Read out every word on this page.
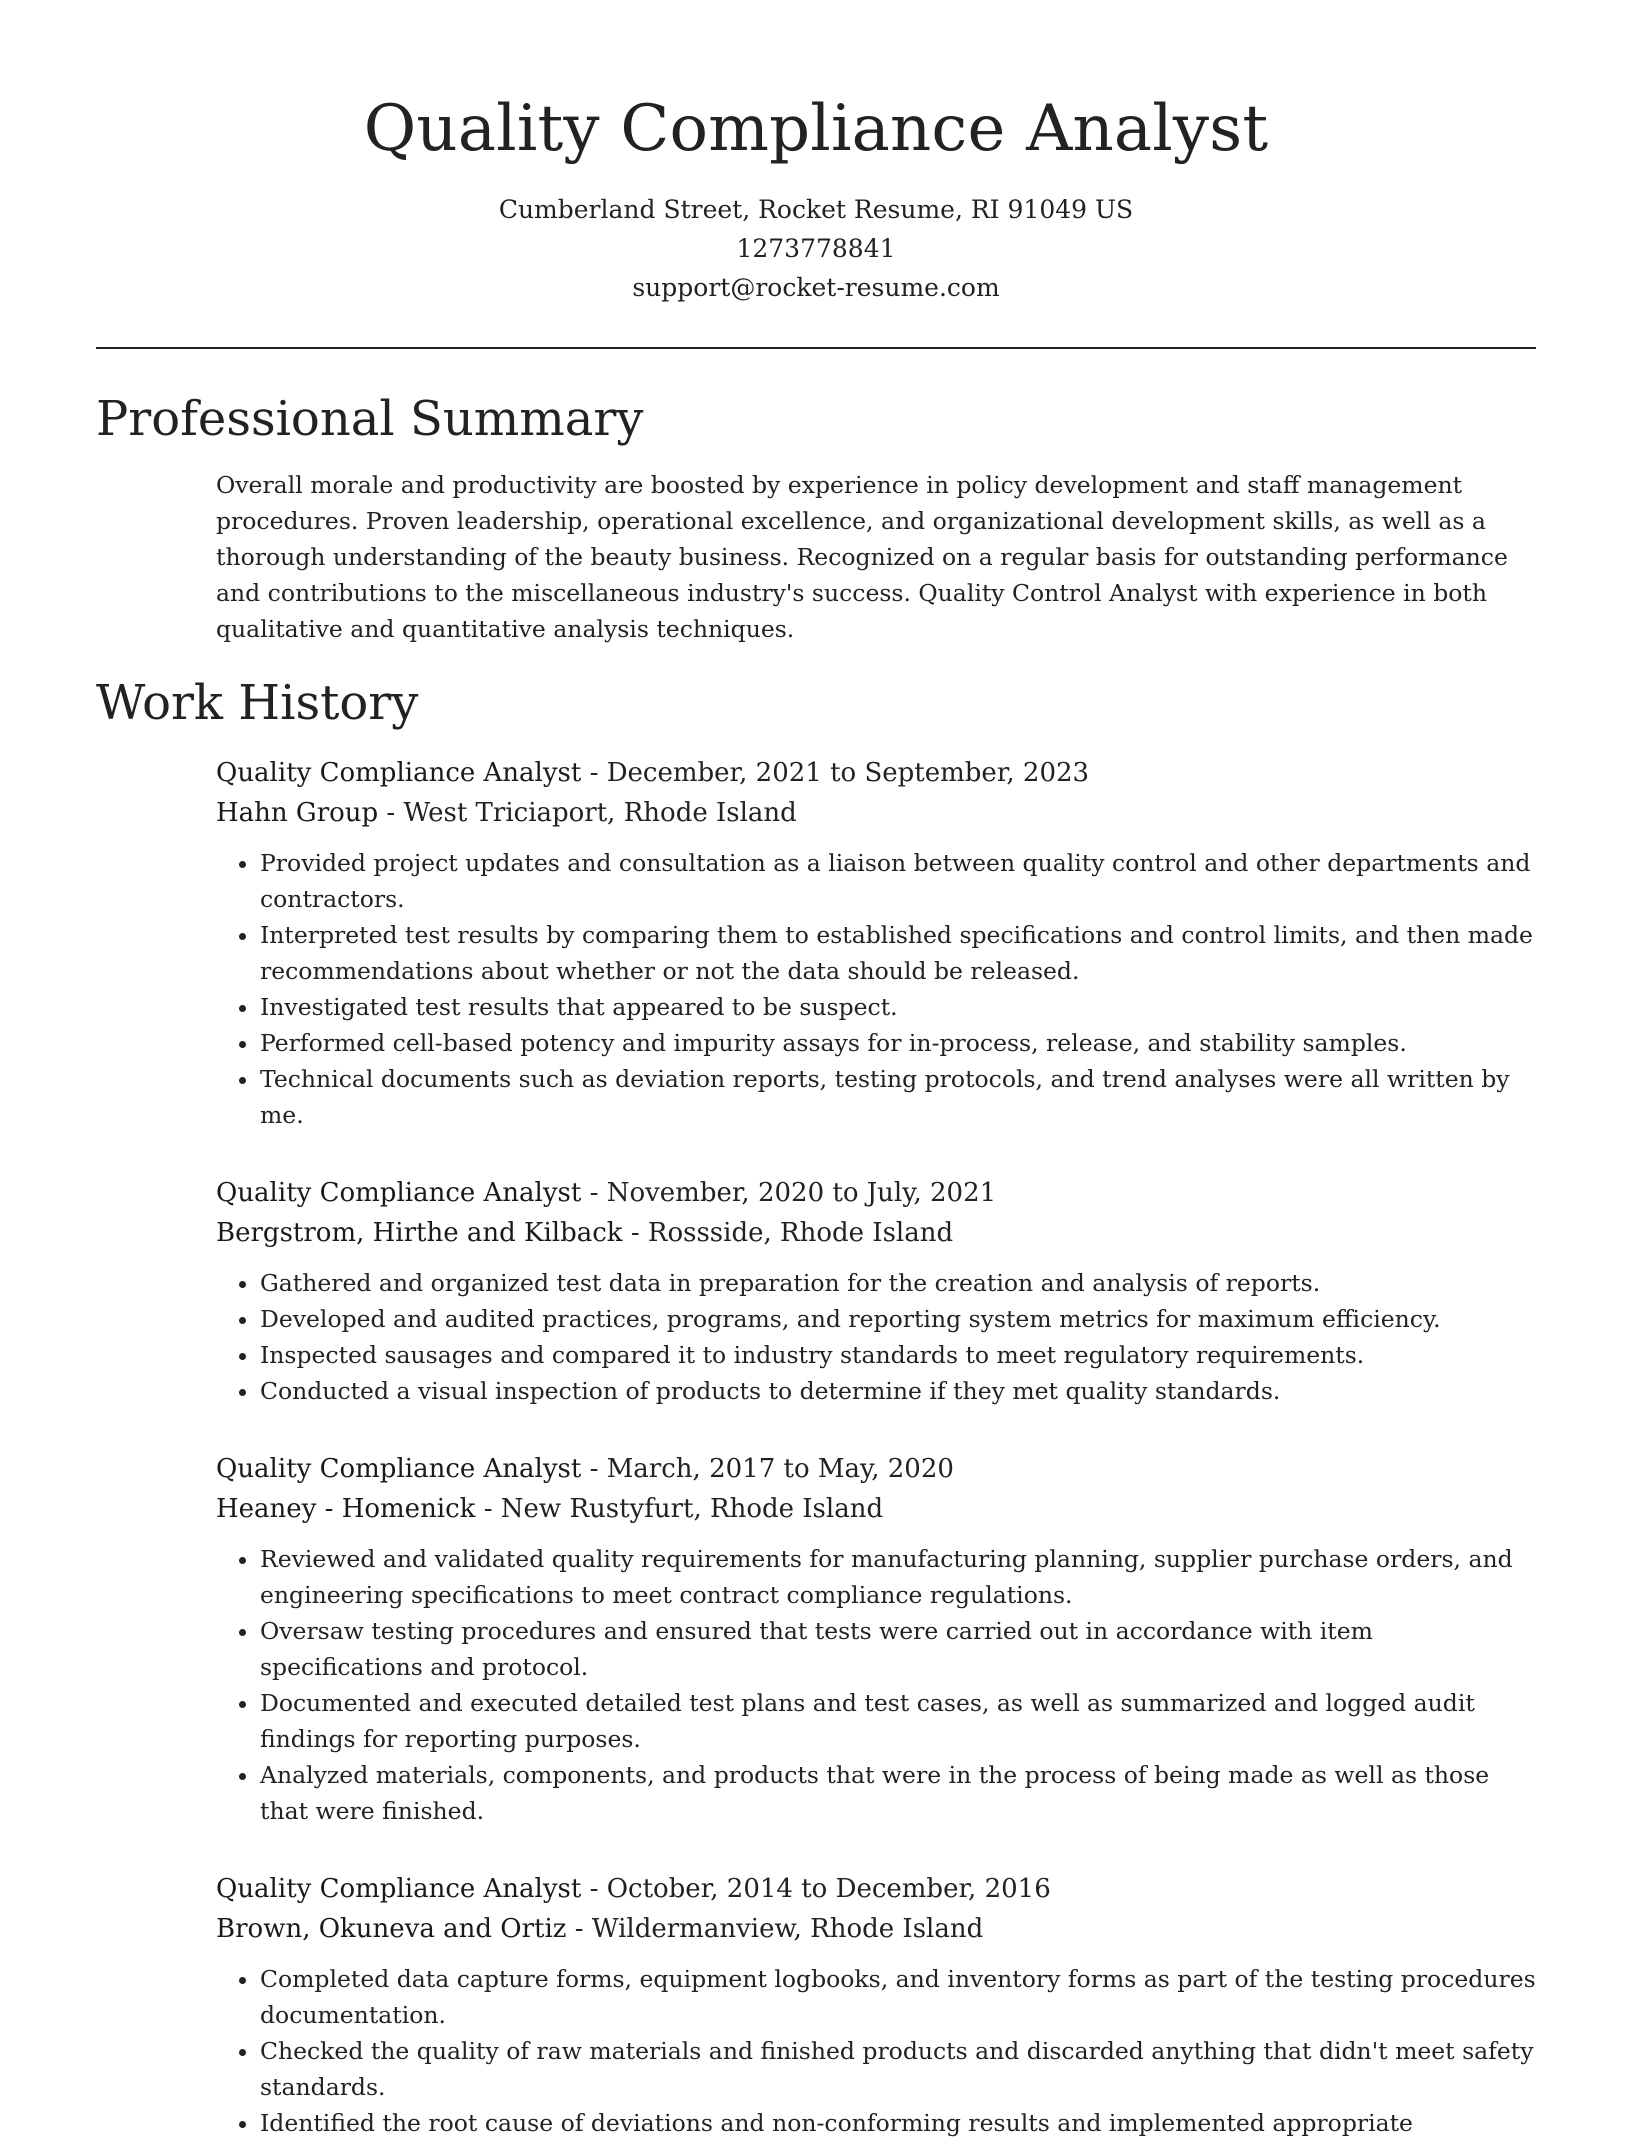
Quality Compliance Analyst
Cumberland Street, Rocket Resume, RI 91049 US
1273778841
support@rocket-resume.com
Professional Summary

Overall morale and productivity are boosted by experience in policy development and staff management procedures. Proven leadership, operational excellence, and organizational development skills, as well as a thorough understanding of the beauty business. Recognized on a regular basis for outstanding performance and contributions to the miscellaneous industry's success. Quality Control Analyst with experience in both qualitative and quantitative analysis techniques.

Work History
Quality Compliance Analyst - December, 2021 to September, 2023
Hahn Group - West Triciaport, Rhode Island
• Provided project updates and consultation as a liaison between quality control and other departments and contractors.
• Interpreted test results by comparing them to established specifications and control limits, and then made recommendations about whether or not the data should be released.
• Investigated test results that appeared to be suspect.
• Performed cell-based potency and impurity assays for in-process, release, and stability samples.
• Technical documents such as deviation reports, testing protocols, and trend analyses were all written by me.
Quality Compliance Analyst - November, 2020 to July, 2021
Bergstrom, Hirthe and Kilback - Rossside, Rhode Island
• Gathered and organized test data in preparation for the creation and analysis of reports.
• Developed and audited practices, programs, and reporting system metrics for maximum efficiency.
• Inspected sausages and compared it to industry standards to meet regulatory requirements.
• Conducted a visual inspection of products to determine if they met quality standards.
Quality Compliance Analyst - March, 2017 to May, 2020
Heaney - Homenick - New Rustyfurt, Rhode Island
• Reviewed and validated quality requirements for manufacturing planning, supplier purchase orders, and engineering specifications to meet contract compliance regulations.
• Oversaw testing procedures and ensured that tests were carried out in accordance with item specifications and protocol.
• Documented and executed detailed test plans and test cases, as well as summarized and logged audit findings for reporting purposes.
• Analyzed materials, components, and products that were in the process of being made as well as those that were finished.
Quality Compliance Analyst - October, 2014 to December, 2016
Brown, Okuneva and Ortiz - Wildermanview, Rhode Island
• Completed data capture forms, equipment logbooks, and inventory forms as part of the testing procedures documentation.
• Checked the quality of raw materials and finished products and discarded anything that didn't meet safety standards.
• Identified the root cause of deviations and non-conforming results and implemented appropriate
